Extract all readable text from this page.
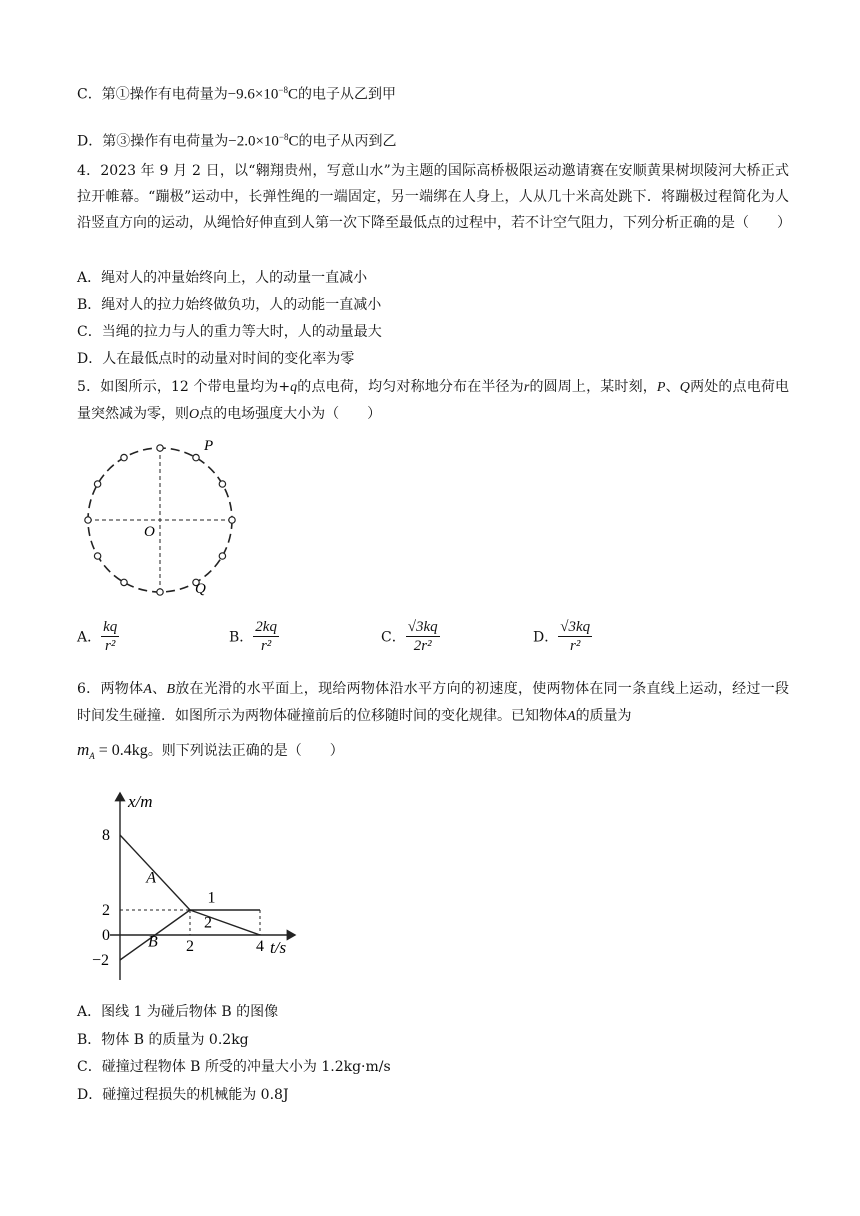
C．第①操作有电荷量为$-9.6\times 10^{-8}C$的电子从乙到甲
D．第③操作有电荷量为$-2.0\times 10^{-8}C$的电子从丙到乙
4．2023 年 9 月 2 日，以“翱翔贵州，写意山水”为主题的国际高桥极限运动邀请赛在安顺黄果树坝陵河大桥正式拉开帷幕。“蹦极”运动中，长弹性绳的一端固定，另一端绑在人身上，人从几十米高处跳下．将蹦极过程简化为人沿竖直方向的运动，从绳恰好伸直到人第一次下降至最低点的过程中，若不计空气阻力，下列分析正确的是（　　）
A．绳对人的冲量始终向上，人的动量一直减小
B．绳对人的拉力始终做负功，人的动能一直减小
C．当绳的拉力与人的重力等大时，人的动量最大
D．人在最低点时的动量对时间的变化率为零
5．如图所示，12 个带电量均为+q的点电荷，均匀对称地分布在半径为r的圆周上，某时刻，P、Q两处的点电荷电量突然减为零，则O点的电场强度大小为（　　）
P
Q
O
A． $\frac{kq}{\text{r²}}$	B． $\frac{2kq}{\text{r²}}$	C． $\frac{√3kq}{\text{2r²}}$	D． $\frac{√3kq}{\text{r²}}$
6．两物体A、B放在光滑的水平面上，现给两物体沿水平方向的初速度，使两物体在同一条直线上运动，经过一段时间发生碰撞．如图所示为两物体碰撞前后的位移随时间的变化规律。已知物体A的质量为
$m_A = 0.4kg$。则下列说法正确的是（　　）
x/m
t/s
8
2
0
−2
2	4
A
B
1
2
A．图线 1 为碰后物体 B 的图像
B．物体 B 的质量为 0.2kg
C．碰撞过程物体 B 所受的冲量大小为 1.2kg·m/s
D．碰撞过程损失的机械能为 0.8J
